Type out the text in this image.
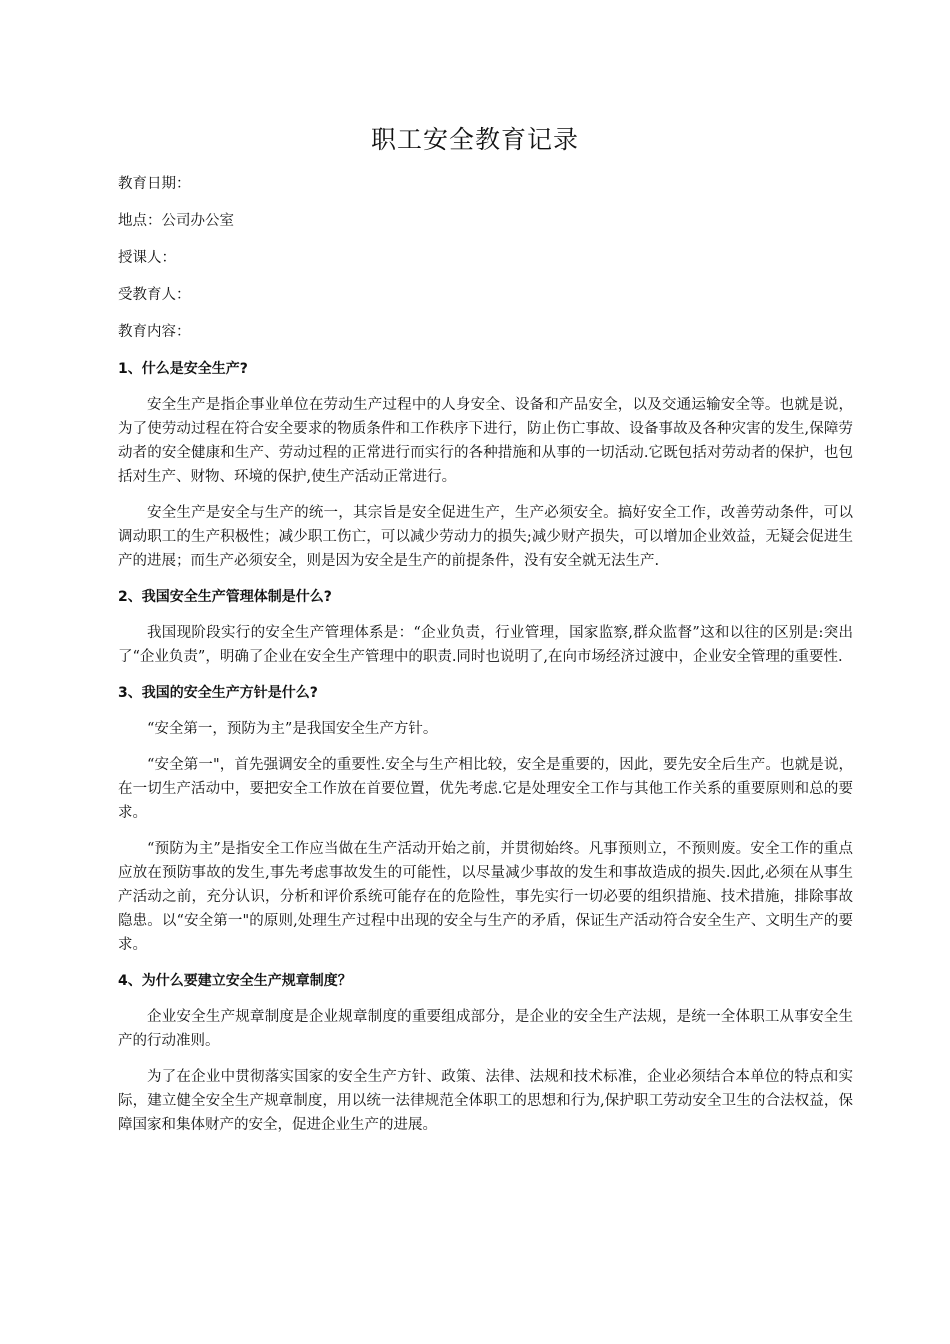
职工安全教育记录

教育日期：

地点：公司办公室

授课人：

受教育人：

教育内容：

1、什么是安全生产?

安全生产是指企事业单位在劳动生产过程中的人身安全、设备和产品安全，以及交通运输安全等。也就是说，为了使劳动过程在符合安全要求的物质条件和工作秩序下进行，防止伤亡事故、设备事故及各种灾害的发生,保障劳动者的安全健康和生产、劳动过程的正常进行而实行的各种措施和从事的一切活动.它既包括对劳动者的保护，也包括对生产、财物、环境的保护,使生产活动正常进行。

安全生产是安全与生产的统一，其宗旨是安全促进生产，生产必须安全。搞好安全工作，改善劳动条件，可以调动职工的生产积极性；减少职工伤亡，可以减少劳动力的损失;减少财产损失，可以增加企业效益，无疑会促进生产的进展；而生产必须安全，则是因为安全是生产的前提条件，没有安全就无法生产.

2、我国安全生产管理体制是什么?

我国现阶段实行的安全生产管理体系是：“企业负责，行业管理，国家监察,群众监督”这和以往的区别是:突出了“企业负责”，明确了企业在安全生产管理中的职责.同时也说明了,在向市场经济过渡中，企业安全管理的重要性.

3、我国的安全生产方针是什么?

“安全第一，预防为主”是我国安全生产方针。

“安全第一"，首先强调安全的重要性.安全与生产相比较，安全是重要的，因此，要先安全后生产。也就是说，在一切生产活动中，要把安全工作放在首要位置，优先考虑.它是处理安全工作与其他工作关系的重要原则和总的要求。

“预防为主”是指安全工作应当做在生产活动开始之前，并贯彻始终。凡事预则立，不预则废。安全工作的重点应放在预防事故的发生,事先考虑事故发生的可能性，以尽量减少事故的发生和事故造成的损失.因此,必须在从事生产活动之前，充分认识，分析和评价系统可能存在的危险性，事先实行一切必要的组织措施、技术措施，排除事故隐患。以“安全第一"的原则,处理生产过程中出现的安全与生产的矛盾，保证生产活动符合安全生产、文明生产的要求。

4、为什么要建立安全生产规章制度？

企业安全生产规章制度是企业规章制度的重要组成部分，是企业的安全生产法规，是统一全体职工从事安全生产的行动准则。

为了在企业中贯彻落实国家的安全生产方针、政策、法律、法规和技术标准，企业必须结合本单位的特点和实际，建立健全安全生产规章制度，用以统一法律规范全体职工的思想和行为,保护职工劳动安全卫生的合法权益，保障国家和集体财产的安全，促进企业生产的进展。
